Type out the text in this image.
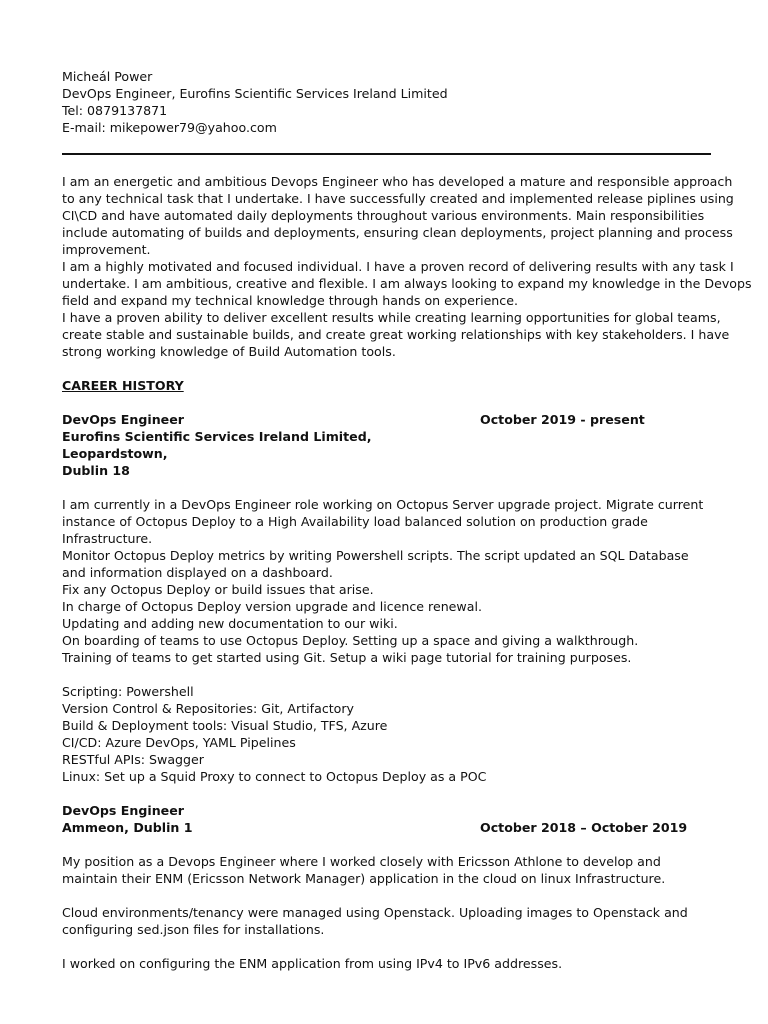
Micheál Power
DevOps Engineer, Eurofins Scientific Services Ireland Limited
Tel: 0879137871
E-mail: mikepower79@yahoo.com
I am an energetic and ambitious Devops Engineer who has developed a mature and responsible approach
to any technical task that I undertake. I have successfully created and implemented release piplines using
CI\CD and have automated daily deployments throughout various environments. Main responsibilities
include automating of builds and deployments, ensuring clean deployments, project planning and process
improvement.
I am a highly motivated and focused individual. I have a proven record of delivering results with any task I
undertake. I am ambitious, creative and flexible. I am always looking to expand my knowledge in the Devops
field and expand my technical knowledge through hands on experience.
I have a proven ability to deliver excellent results while creating learning opportunities for global teams,
create stable and sustainable builds, and create great working relationships with key stakeholders. I have
strong working knowledge of Build Automation tools.
CAREER HISTORY
DevOps Engineer	October 2019 - present
Eurofins Scientific Services Ireland Limited,
Leopardstown,
Dublin 18
I am currently in a DevOps Engineer role working on Octopus Server upgrade project. Migrate current
instance of Octopus Deploy to a High Availability load balanced solution on production grade
Infrastructure.
Monitor Octopus Deploy metrics by writing Powershell scripts. The script updated an SQL Database
and information displayed on a dashboard.
Fix any Octopus Deploy or build issues that arise.
In charge of Octopus Deploy version upgrade and licence renewal.
Updating and adding new documentation to our wiki.
On boarding of teams to use Octopus Deploy. Setting up a space and giving a walkthrough.
Training of teams to get started using Git. Setup a wiki page tutorial for training purposes.
Scripting: Powershell
Version Control & Repositories: Git, Artifactory
Build & Deployment tools: Visual Studio, TFS, Azure
CI/CD: Azure DevOps, YAML Pipelines
RESTful APIs: Swagger
Linux: Set up a Squid Proxy to connect to Octopus Deploy as a POC
DevOps Engineer
Ammeon, Dublin 1	October 2018 – October 2019
My position as a Devops Engineer where I worked closely with Ericsson Athlone to develop and
maintain their ENM (Ericsson Network Manager) application in the cloud on linux Infrastructure.
Cloud environments/tenancy were managed using Openstack. Uploading images to Openstack and
configuring sed.json files for installations.
I worked on configuring the ENM application from using IPv4 to IPv6 addresses.
